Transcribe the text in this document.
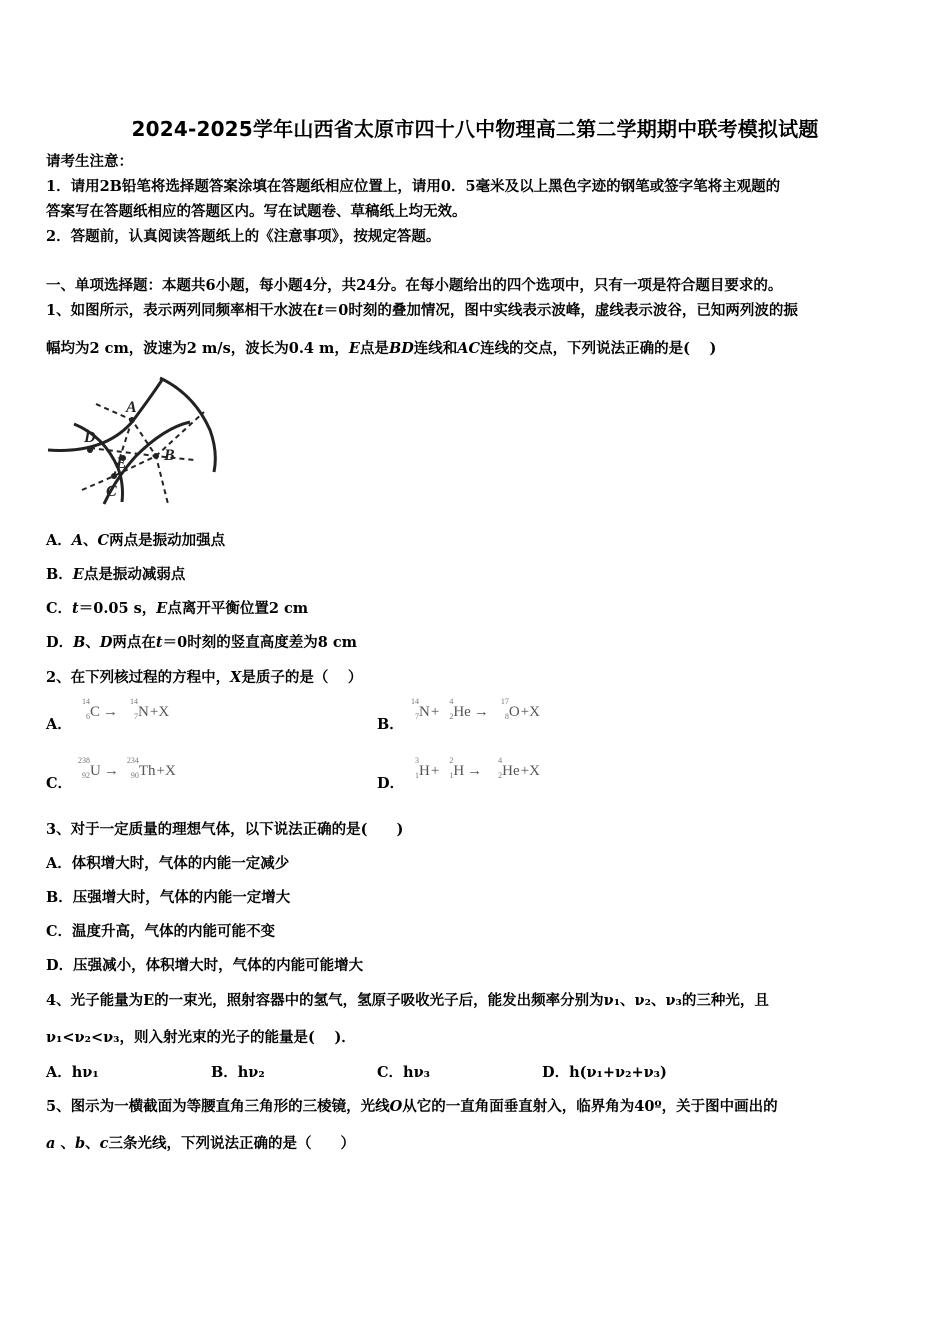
2024-2025学年山西省太原市四十八中物理高二第二学期期中联考模拟试题
请考生注意：
1．请用2B铅笔将选择题答案涂填在答题纸相应位置上，请用0．5毫米及以上黑色字迹的钢笔或签字笔将主观题的
答案写在答题纸相应的答题区内。写在试题卷、草稿纸上均无效。
2．答题前，认真阅读答题纸上的《注意事项》，按规定答题。
一、单项选择题：本题共6小题，每小题4分，共24分。在每小题给出的四个选项中，只有一项是符合题目要求的。
1、如图所示，表示两列同频率相干水波在t＝0时刻的叠加情况，图中实线表示波峰，虚线表示波谷，已知两列波的振
幅均为2 cm，波速为2 m/s，波长为0.4 m，E点是BD连线和AC连线的交点，下列说法正确的是(　 )
A
B
C
D
E
A．A、C两点是振动加强点
B．E点是振动减弱点
C．t＝0.05 s，E点离开平衡位置2 cm
D．B、D两点在t＝0时刻的竖直高度差为8 cm
2、在下列核过程的方程中，X是质子的是（　 ）
A．
14
6 C →
14
7 N+X
B．
14
7 N+
4
2 He →
17
8 O+X
C．
238
92 U →
234
90 Th+X
D．
3
1 H+
2
1 H →
4
2 He+X
3、对于一定质量的理想气体，以下说法正确的是(　　)
A．体积增大时，气体的内能一定减少
B．压强增大时，气体的内能一定增大
C．温度升高，气体的内能可能不变
D．压强减小，体积增大时，气体的内能可能增大
4、光子能量为E的一束光，照射容器中的氢气，氢原子吸收光子后，能发出频率分别为ν₁、ν₂、ν₃的三种光，且
ν₁<ν₂<ν₃，则入射光束的光子的能量是(　 )．
A．hν₁	B．hν₂	C．hν₃	D．h(ν₁+ν₂+ν₃)
5、图示为一横截面为等腰直角三角形的三棱镜，光线O从它的一直角面垂直射入，临界角为40º，关于图中画出的
a 、b、c三条光线，下列说法正确的是（　　）
